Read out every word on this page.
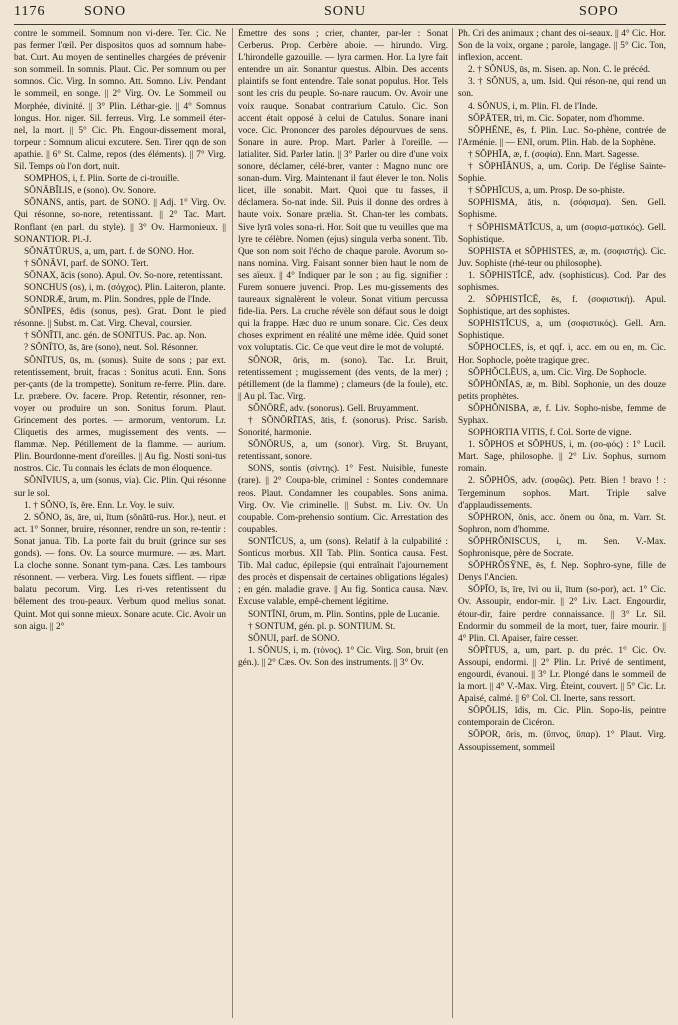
1176	SONO	SONU	SOPO

contre le sommeil. Somnum non vi-dere. Ter. Cic. Ne pas fermer l'œil. Per dispositos quos ad somnum habe-bat. Curt. Au moyen de sentinelles chargées de prévenir son sommeil. In somnis. Plaut. Cic. Per somnum ou per somnos. Cic. Virg. In somno. Att. Somno. Liv. Pendant le sommeil, en songe. || 2° Virg. Ov. Le Sommeil ou Morphée, divinité. || 3° Plin. Léthar-gie. || 4° Somnus longus. Hor. niger. Sil. ferreus. Virg. Le sommeil éter-nel, la mort. || 5° Cic. Ph. Engour-dissement moral, torpeur : Somnum alicui excutere. Sen. Tirer qqn de son apathie. || 6° St. Calme, repos (des éléments). || 7° Virg. Sil. Temps où l'on dort, nuit.

SOMPHOS, i, f. Plin. Sorte de ci-trouille.

SŌNĀBĬLIS, e (sono). Ov. Sonore.

SŎNANS, antis, part. de SONO. || Adj. 1° Virg. Ov. Qui résonne, so-nore, retentissant. || 2° Tac. Mart. Ronflant (en parl. du style). || 3° Ov. Harmonieux. || SONANTIOR. Pl.-J.

SŎNĀTŪRUS, a, um, part. f. de SONO. Hor.

† SŎNĀVI, parf. de SONO. Tert.

SŌNAX, ācis (sono). Apul. Ov. So-nore, retentissant.

SONCHUS (os), i, m. (σόγχος). Plin. Laiteron, plante.

SONDRÆ, ārum, m. Plin. Sondres, pple de l'Inde.

SŎNĬPES, ĕdis (sonus, pes). Grat. Dont le pied résonne. || Subst. m. Cat. Virg. Cheval, coursier.

† SŎNĪTI, anc. gén. de SONITUS. Pac. ap. Non.

? SŎNĪTO, ās, āre (sono), neut. Sol. Résonner.

SŎNĪTUS, ūs, m. (sonus). Suite de sons ; par ext. retentissement, bruit, fracas : Sonitus acuti. Enn. Sons per-çants (de la trompette). Sonitum re-ferre. Plin. dare. Lr. præbere. Ov. facere. Prop. Retentir, résonner, ren-voyer ou produire un son. Sonitus forum. Plaut. Grincement des portes. — armorum, ventorum. Lr. Cliquetis des armes, mugissement des vents. — flammæ. Nep. Pétillement de la flamme. — aurium. Plin. Bourdonne-ment d'oreilles. || Au fig. Nosti soni-tus nostros. Cic. Tu connais les éclats de mon éloquence.

SŎNĪVIUS, a, um (sonus, via). Cic. Plin. Qui résonne sur le sol.

1. † SŎNO, ĭs, ĕre. Enn. Lr. Voy. le suiv.

2. SŎNO, ās, āre, ui, ĭtum (sŏnātū-rus. Hor.), neut. et act. 1° Sonner, bruire, résonner, rendre un son, re-tentir : Sonat janua. Tib. La porte fait du bruit (grince sur ses gonds). — fons. Ov. La source murmure. — æs. Mart. La cloche sonne. Sonant tym-pana. Cæs. Les tambours résonnent. — verbera. Virg. Les fouets sifflent. — ripæ balatu pecorum. Virg. Les ri-ves retentissent du bêlement des trou-peaux. Verbum quod melius sonat. Quint. Mot qui sonne mieux. Sonare acute. Cic. Avoir un son aigu. || 2°

Émettre des sons ; crier, chanter, par-ler : Sonat Cerberus. Prop. Cerbère aboie. — hirundo. Virg. L'hirondelle gazouille. — lyra carmen. Hor. La lyre fait entendre un air. Sonantur questus. Albin. Des accents plaintifs se font entendre. Tale sonat populus. Hor. Tels sont les cris du peuple. So-nare raucum. Ov. Avoir une voix rauque. Sonabat contrarium Catulo. Cic. Son accent était opposé à celui de Catulus. Sonare inani voce. Cic. Prononcer des paroles dépourvues de sens. Sonare in aure. Prop. Mart. Parler à l'oreille. — latialiter. Sid. Parler latin. || 3° Parler ou dire d'une voix sonore, déclamer, célé-brer, vanter : Magno nunc ore sonan-dum. Virg. Maintenant il faut élever le ton. Nolis licet, ille sonabit. Mart. Quoi que tu fasses, il déclamera. So-nat inde. Sil. Puis il donne des ordres à haute voix. Sonare prælia. St. Chan-ter les combats. Sive lyrā voles sona-ri. Hor. Soit que tu veuilles que ma lyre te célèbre. Nomen (ejus) singula verba sonent. Tib. Que son nom soit l'écho de chaque parole. Avorum so-nans nomina. Virg. Faisant sonner bien haut le nom de ses aïeux. || 4° Indiquer par le son ; au fig. signifier : Furem sonuere juvenci. Prop. Les mu-gissements des taureaux signalèrent le voleur. Sonat vitium percussa fide-lia. Pers. La cruche révèle son défaut sous le doigt qui la frappe. Hæc duo re unum sonare. Cic. Ces deux choses expriment en réalité une même idée. Quid sonet vox voluptatis. Cic. Ce que veut dire le mot de volupté.

SŎNOR, ōris, m. (sono). Tac. Lr. Bruit, retentissement ; mugissement (des vents, de la mer) ; pétillement (de la flamme) ; clameurs (de la foule), etc. || Au pl. Tac. Virg.

SŎNŌRĒ, adv. (sonorus). Gell. Bruyamment.

† SŎNŌRĬTAS, ātis, f. (sonorus). Prisc. Sarisb. Sonorité, harmonie.

SŎNŌRUS, a, um (sonor). Virg. St. Bruyant, retentissant, sonore.

SONS, sontis (σίντης). 1° Fest. Nuisible, funeste (rare). || 2° Coupa-ble, criminel : Sontes condemnare reos. Plaut. Condamner les coupables. Sons anima. Virg. Ov. Vie criminelle. || Subst. m. Liv. Ov. Un coupable. Com-prehensio sontium. Cic. Arrestation des coupables.

SONTĬCUS, a, um (sons). Relatif à la culpabilité : Sonticus morbus. XII Tab. Plin. Sontica causa. Fest. Tib. Mal caduc, épilepsie (qui entraînait l'ajournement des procès et dispensait de certaines obligations légales) ; en gén. maladie grave. || Au fig. Sontica causa. Næv. Excuse valable, empê-chement légitime.

SONTĪNI, ōrum, m. Plin. Sontins, pple de Lucanie.

† SONTUM, gén. pl. p. SONTIUM. St.

SŎNUI, parf. de SONO.

1. SŎNUS, i, m. (τόνος). 1° Cic. Virg. Son, bruit (en gén.). || 2° Cæs. Ov. Son des instruments. || 3° Ov.

Ph. Cri des animaux ; chant des oi-seaux. || 4° Cic. Hor. Son de la voix, organe ; parole, langage. || 5° Cic. Ton, inflexion, accent.

2. † SŎNUS, ūs, m. Sisen. ap. Non. C. le précéd.

3. † SŎNUS, a, um. Isid. Qui réson-ne, qui rend un son.

4. SŎNUS, i, m. Plin. Fl. de l'Inde.

SŌPĂTER, tri, m. Cic. Sopater, nom d'homme.

SŎPHĒNE, ēs, f. Plin. Luc. So-phène, contrée de l'Arménie. || — ENI, orum. Plin. Hab. de la Sophène.

† SŎPHĬA, æ, f. (σοφία). Enn. Mart. Sagesse.

† SŎPHĬĀNUS, a, um. Corip. De l'église Sainte-Sophie.

† SŎPHĬCUS, a, um. Prosp. De so-phiste.

SOPHISMA, ătis, n. (σόφισμα). Sen. Gell. Sophisme.

† SŎPHISMĂTĬCUS, a, um (σοφισ-ματικός). Gell. Sophistique.

SOPHISTA et SŎPHISTES, æ, m. (σοφιστής). Cic. Juv. Sophiste (rhé-teur ou philosophe).

1. SŎPHISTĬCĒ, adv. (sophisticus). Cod. Par des sophismes.

2. SŎPHISTĬCĒ, ēs, f. (σοφιστική). Apul. Sophistique, art des sophistes.

SOPHISTĬCUS, a, um (σοφιστικός). Gell. Arn. Sophistique.

SŎPHOCLES, is, et qqf. i, acc. em ou en, m. Cic. Hor. Sophocle, poète tragique grec.

SŎPHŎCLĒUS, a, um. Cic. Virg. De Sophocle.

SŎPHŎNĬAS, æ, m. Bibl. Sophonie, un des douze petits prophètes.

SŎPHŎNISBA, æ, f. Liv. Sopho-nisbe, femme de Syphax.

SOPHORTIA VITIS, f. Col. Sorte de vigne.

1. SŎPHOS et SŎPHUS, i, m. (σο-φός) : 1° Lucil. Mart. Sage, philosophe. || 2° Liv. Sophus, surnom romain.

2. SŎPHŌS, adv. (σοφῶς). Petr. Bien ! bravo ! : Tergeminum sophos. Mart. Triple salve d'applaudissements.

SŎPHRON, ŏnis, acc. ŏnem ou ŏna, m. Varr. St. Sophron, nom d'homme.

SŎPHRŎNISCUS, i, m. Sen. V.-Max. Sophronisque, père de Socrate.

SŎPHRŎSȲNE, ēs, f. Nep. Sophro-syne, fille de Denys l'Ancien.

SŌPĬO, īs, īre, īvi ou ii, ītum (so-por), act. 1° Cic. Ov. Assoupir, endor-mir. || 2° Liv. Lact. Engourdir, étour-dir, faire perdre connaissance. || 3° Lr. Sil. Endormir du sommeil de la mort, tuer, faire mourir. || 4° Plin. Cl. Apaiser, faire cesser.

SŌPĪTUS, a, um, part. p. du préc. 1° Cic. Ov. Assoupi, endormi. || 2° Plin. Lr. Privé de sentiment, engourdi, évanoui. || 3° Lr. Plongé dans le sommeil de la mort. || 4° V.-Max. Virg. Éteint, couvert. || 5° Cic. Lr. Apaisé, calmé. || 6° Col. Cl. Inerte, sans ressort.

SŌPŎLIS, ĭdis, m. Cic. Plin. Sopo-lis, peintre contemporain de Cicéron.

SŌPOR, ōris, m. (ὕπνος, ὕπαρ). 1° Plaut. Virg. Assoupissement, sommeil
